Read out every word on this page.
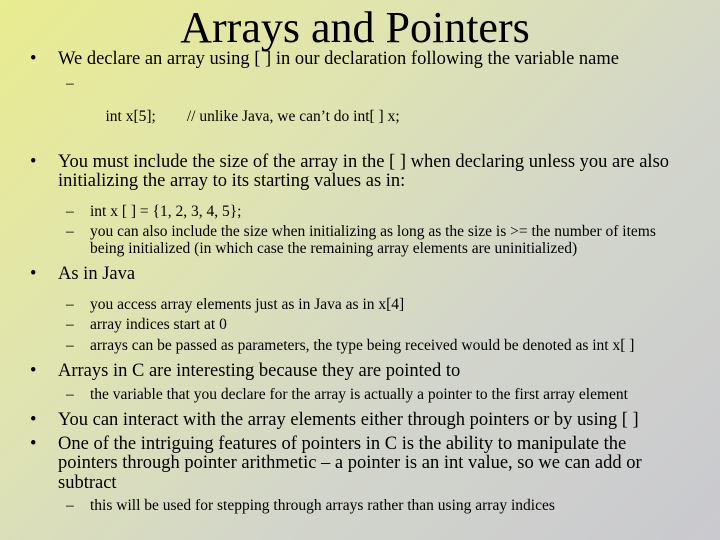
Arrays and Pointers
• We declare an array using [ ] in our declaration following the variable name

–

int x[5];        // unlike Java, we can’t do int[ ] x;

• You must include the size of the array in the [ ] when declaring unless you are also initializing the array to its starting values as in:
– int x [ ] = {1, 2, 3, 4, 5};
– you can also include the size when initializing as long as the size is >= the number of items being initialized (in which case the remaining array elements are uninitialized)
• As in Java
– you access array elements just as in Java as in x[4]
– array indices start at 0
– arrays can be passed as parameters, the type being received would be denoted as int x[ ]
• Arrays in C are interesting because they are pointed to
– the variable that you declare for the array is actually a pointer to the first array element
• You can interact with the array elements either through pointers or by using [ ]
• One of the intriguing features of pointers in C is the ability to manipulate the pointers through pointer arithmetic – a pointer is an int value, so we can add or subtract
– this will be used for stepping through arrays rather than using array indices
